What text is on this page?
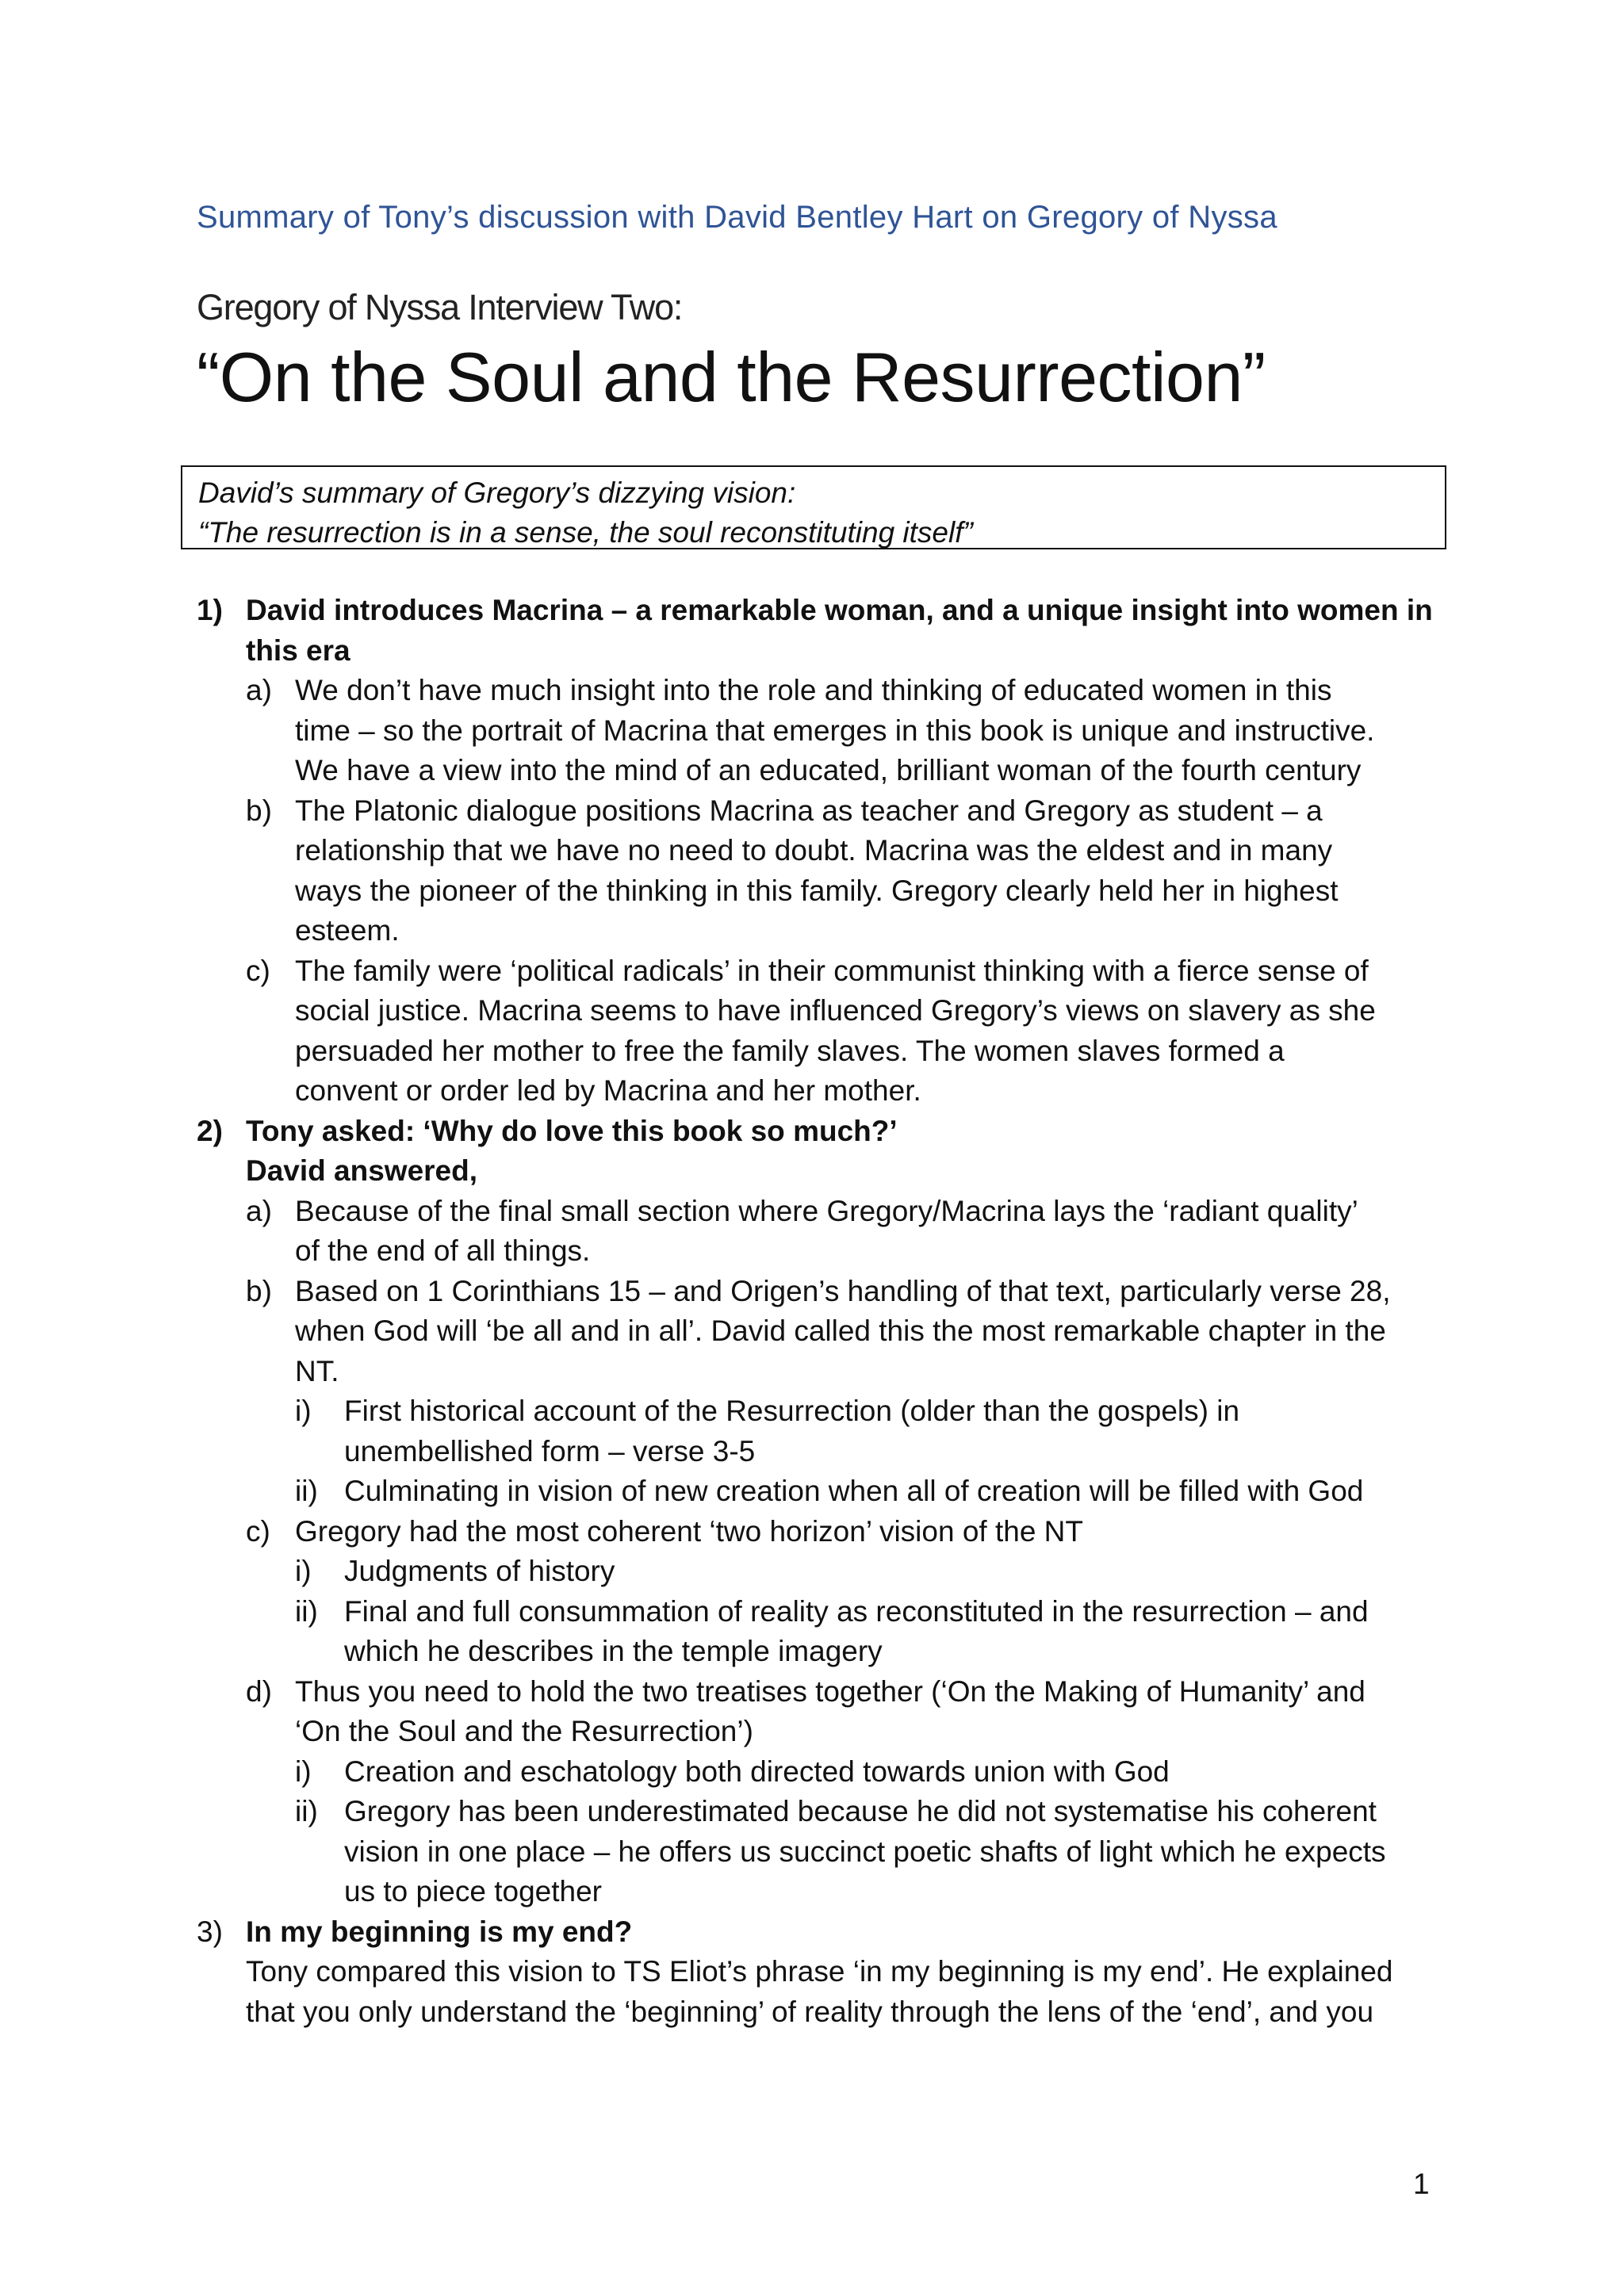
Summary of Tony’s discussion with David Bentley Hart on Gregory of Nyssa
Gregory of Nyssa Interview Two:
“On the Soul and the Resurrection”
David’s summary of Gregory’s dizzying vision:
“The resurrection is in a sense, the soul reconstituting itself”
1) David introduces Macrina – a remarkable woman, and a unique insight into women in
this era
a) We don’t have much insight into the role and thinking of educated women in this
time – so the portrait of Macrina that emerges in this book is unique and instructive.
We have a view into the mind of an educated, brilliant woman of the fourth century
b) The Platonic dialogue positions Macrina as teacher and Gregory as student – a
relationship that we have no need to doubt. Macrina was the eldest and in many
ways the pioneer of the thinking in this family. Gregory clearly held her in highest
esteem.
c) The family were ‘political radicals’ in their communist thinking with a fierce sense of
social justice. Macrina seems to have influenced Gregory’s views on slavery as she
persuaded her mother to free the family slaves. The women slaves formed a
convent or order led by Macrina and her mother.
2) Tony asked: ‘Why do love this book so much?’
David answered,
a) Because of the final small section where Gregory/Macrina lays the ‘radiant quality’
of the end of all things.
b) Based on 1 Corinthians 15 – and Origen’s handling of that text, particularly verse 28,
when God will ‘be all and in all’. David called this the most remarkable chapter in the
NT.
i) First historical account of the Resurrection (older than the gospels) in
unembellished form – verse 3-5
ii) Culminating in vision of new creation when all of creation will be filled with God
c) Gregory had the most coherent ‘two horizon’ vision of the NT
i) Judgments of history
ii) Final and full consummation of reality as reconstituted in the resurrection – and
which he describes in the temple imagery
d) Thus you need to hold the two treatises together (‘On the Making of Humanity’ and
‘On the Soul and the Resurrection’)
i) Creation and eschatology both directed towards union with God
ii) Gregory has been underestimated because he did not systematise his coherent
vision in one place – he offers us succinct poetic shafts of light which he expects
us to piece together
3) In my beginning is my end?
Tony compared this vision to TS Eliot’s phrase ‘in my beginning is my end’. He explained
that you only understand the ‘beginning’ of reality through the lens of the ‘end’, and you
1
